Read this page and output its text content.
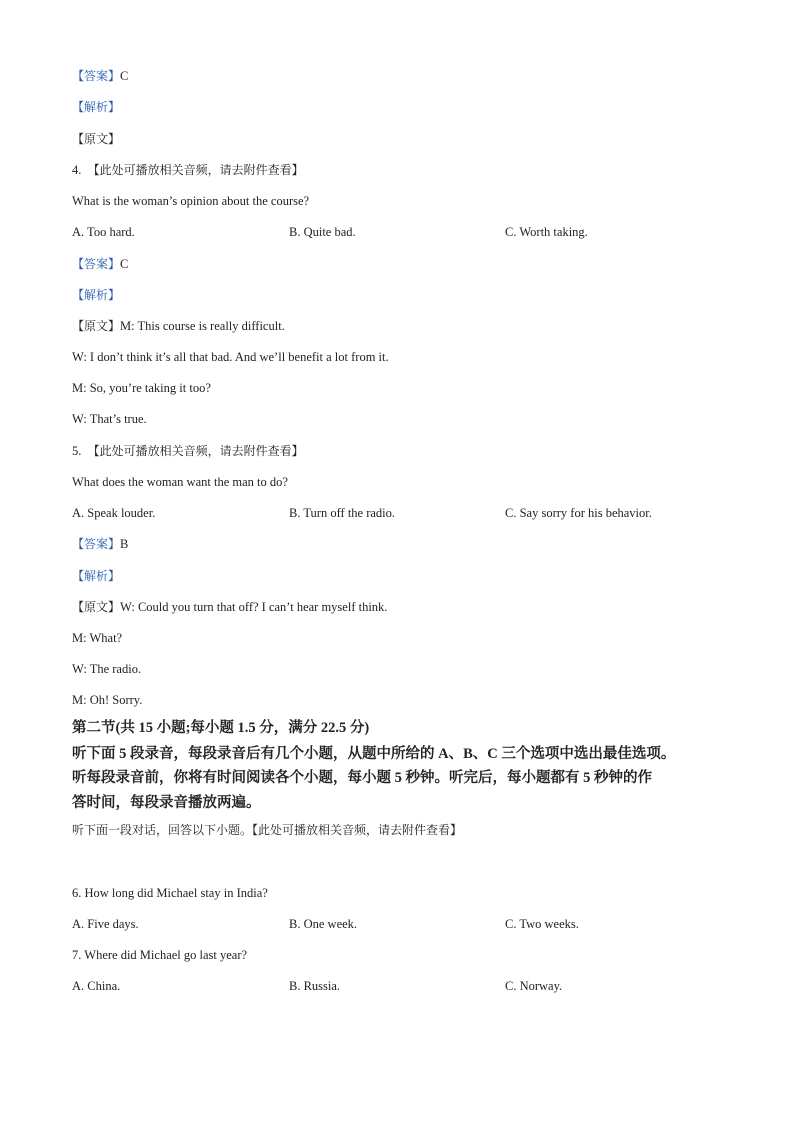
【答案】C
【解析】
【原文】
4. 【此处可播放相关音频，请去附件查看】
What is the woman’s opinion about the course?
A. Too hard.	B. Quite bad.	C. Worth taking.
【答案】C
【解析】
【原文】M: This course is really difficult.
W: I don’t think it’s all that bad. And we’ll benefit a lot from it.
M: So, you’re taking it too?
W: That’s true.
5. 【此处可播放相关音频，请去附件查看】
What does the woman want the man to do?
A. Speak louder.	B. Turn off the radio.	C. Say sorry for his behavior.
【答案】B
【解析】
【原文】W: Could you turn that off? I can’t hear myself think.
M: What?
W: The radio.
M: Oh! Sorry.
第二节(共 15 小题;每小题 1.5 分，满分 22.5 分)
听下面 5 段录音，每段录音后有几个小题，从题中所给的 A、B、C 三个选项中选出最佳选项。
听每段录音前，你将有时间阅读各个小题，每小题 5 秒钟。听完后，每小题都有 5 秒钟的作
答时间，每段录音播放两遍。
听下面一段对话，回答以下小题。【此处可播放相关音频，请去附件查看】
6. How long did Michael stay in India?
A. Five days.	B. One week.	C. Two weeks.
7. Where did Michael go last year?
A. China.	B. Russia.	C. Norway.
